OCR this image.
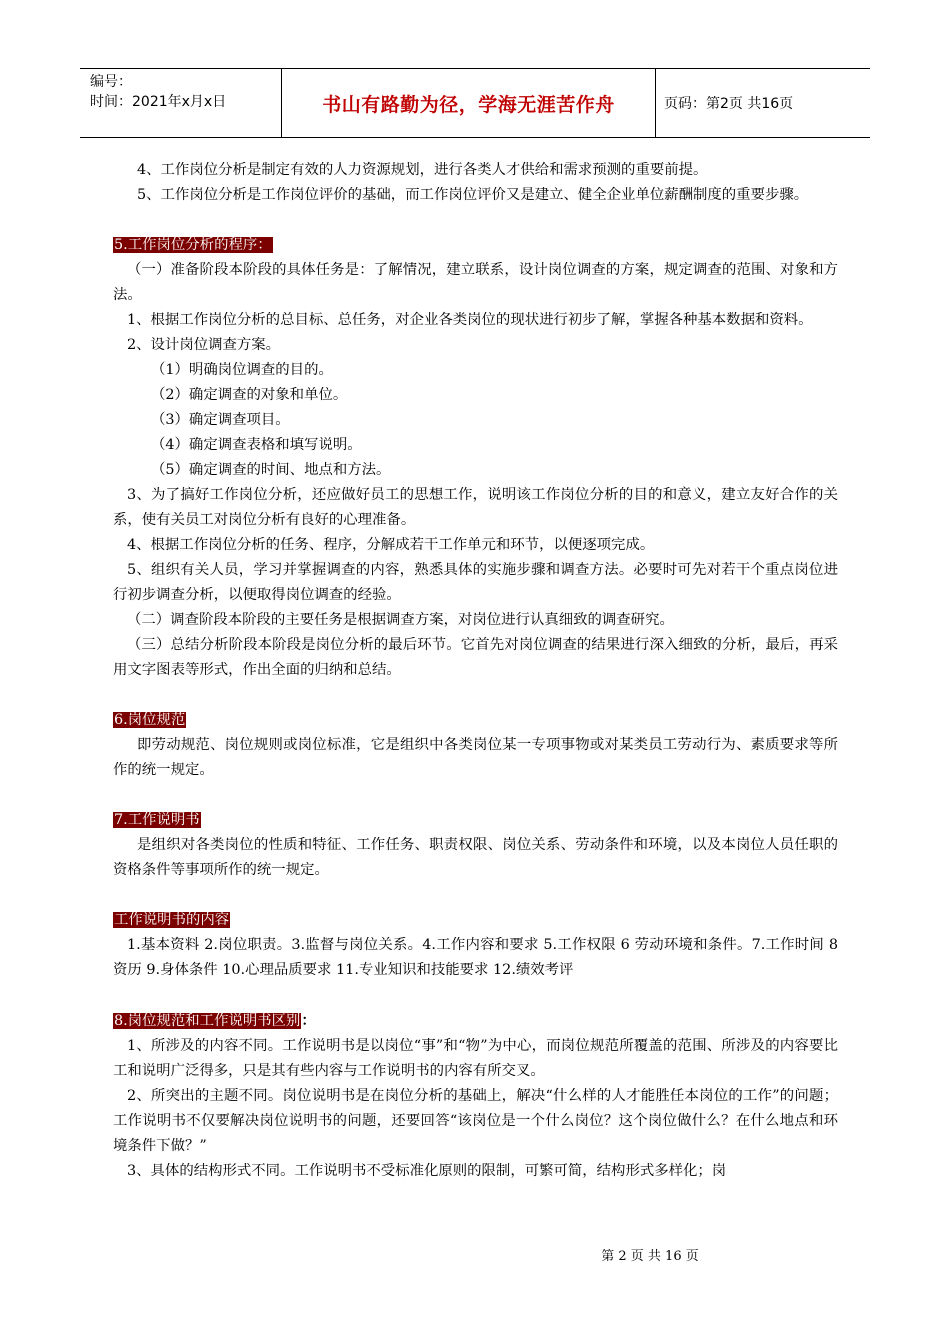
编号：
时间：2021年x月x日	书山有路勤为径，学海无涯苦作舟	页码：第2页 共16页

4、工作岗位分析是制定有效的人力资源规划，进行各类人才供给和需求预测的重要前提。

5、工作岗位分析是工作岗位评价的基础，而工作岗位评价又是建立、健全企业单位薪酬制度的重要步骤。

5.工作岗位分析的程序：

（一）准备阶段本阶段的具体任务是：了解情况，建立联系，设计岗位调查的方案，规定调查的范围、对象和方法。

1、根据工作岗位分析的总目标、总任务，对企业各类岗位的现状进行初步了解，掌握各种基本数据和资料。

2、设计岗位调查方案。

（1）明确岗位调查的目的。

（2）确定调查的对象和单位。

（3）确定调查项目。

（4）确定调查表格和填写说明。

（5）确定调查的时间、地点和方法。

3、为了搞好工作岗位分析，还应做好员工的思想工作，说明该工作岗位分析的目的和意义，建立友好合作的关系，使有关员工对岗位分析有良好的心理准备。

4、根据工作岗位分析的任务、程序，分解成若干工作单元和环节，以便逐项完成。

5、组织有关人员，学习并掌握调查的内容，熟悉具体的实施步骤和调查方法。必要时可先对若干个重点岗位进行初步调查分析，以便取得岗位调查的经验。

（二）调查阶段本阶段的主要任务是根据调查方案，对岗位进行认真细致的调查研究。

（三）总结分析阶段本阶段是岗位分析的最后环节。它首先对岗位调查的结果进行深入细致的分析，最后，再采用文字图表等形式，作出全面的归纳和总结。

6.岗位规范

即劳动规范、岗位规则或岗位标准，它是组织中各类岗位某一专项事物或对某类员工劳动行为、素质要求等所作的统一规定。

7.工作说明书

是组织对各类岗位的性质和特征、工作任务、职责权限、岗位关系、劳动条件和环境，以及本岗位人员任职的资格条件等事项所作的统一规定。

工作说明书的内容

1.基本资料 2.岗位职责。3.监督与岗位关系。4.工作内容和要求 5.工作权限 6 劳动环境和条件。7.工作时间 8 资历 9.身体条件 10.心理品质要求 11.专业知识和技能要求 12.绩效考评

8.岗位规范和工作说明书区别：

1、所涉及的内容不同。工作说明书是以岗位“事”和“物”为中心，而岗位规范所覆盖的范围、所涉及的内容要比工和说明广泛得多，只是其有些内容与工作说明书的内容有所交叉。

2、所突出的主题不同。岗位说明书是在岗位分析的基础上，解决“什么样的人才能胜任本岗位的工作”的问题；工作说明书不仅要解决岗位说明书的问题，还要回答“该岗位是一个什么岗位？这个岗位做什么？在什么地点和环境条件下做？”

3、具体的结构形式不同。工作说明书不受标准化原则的限制，可繁可简，结构形式多样化；岗

第 2 页 共 16 页
